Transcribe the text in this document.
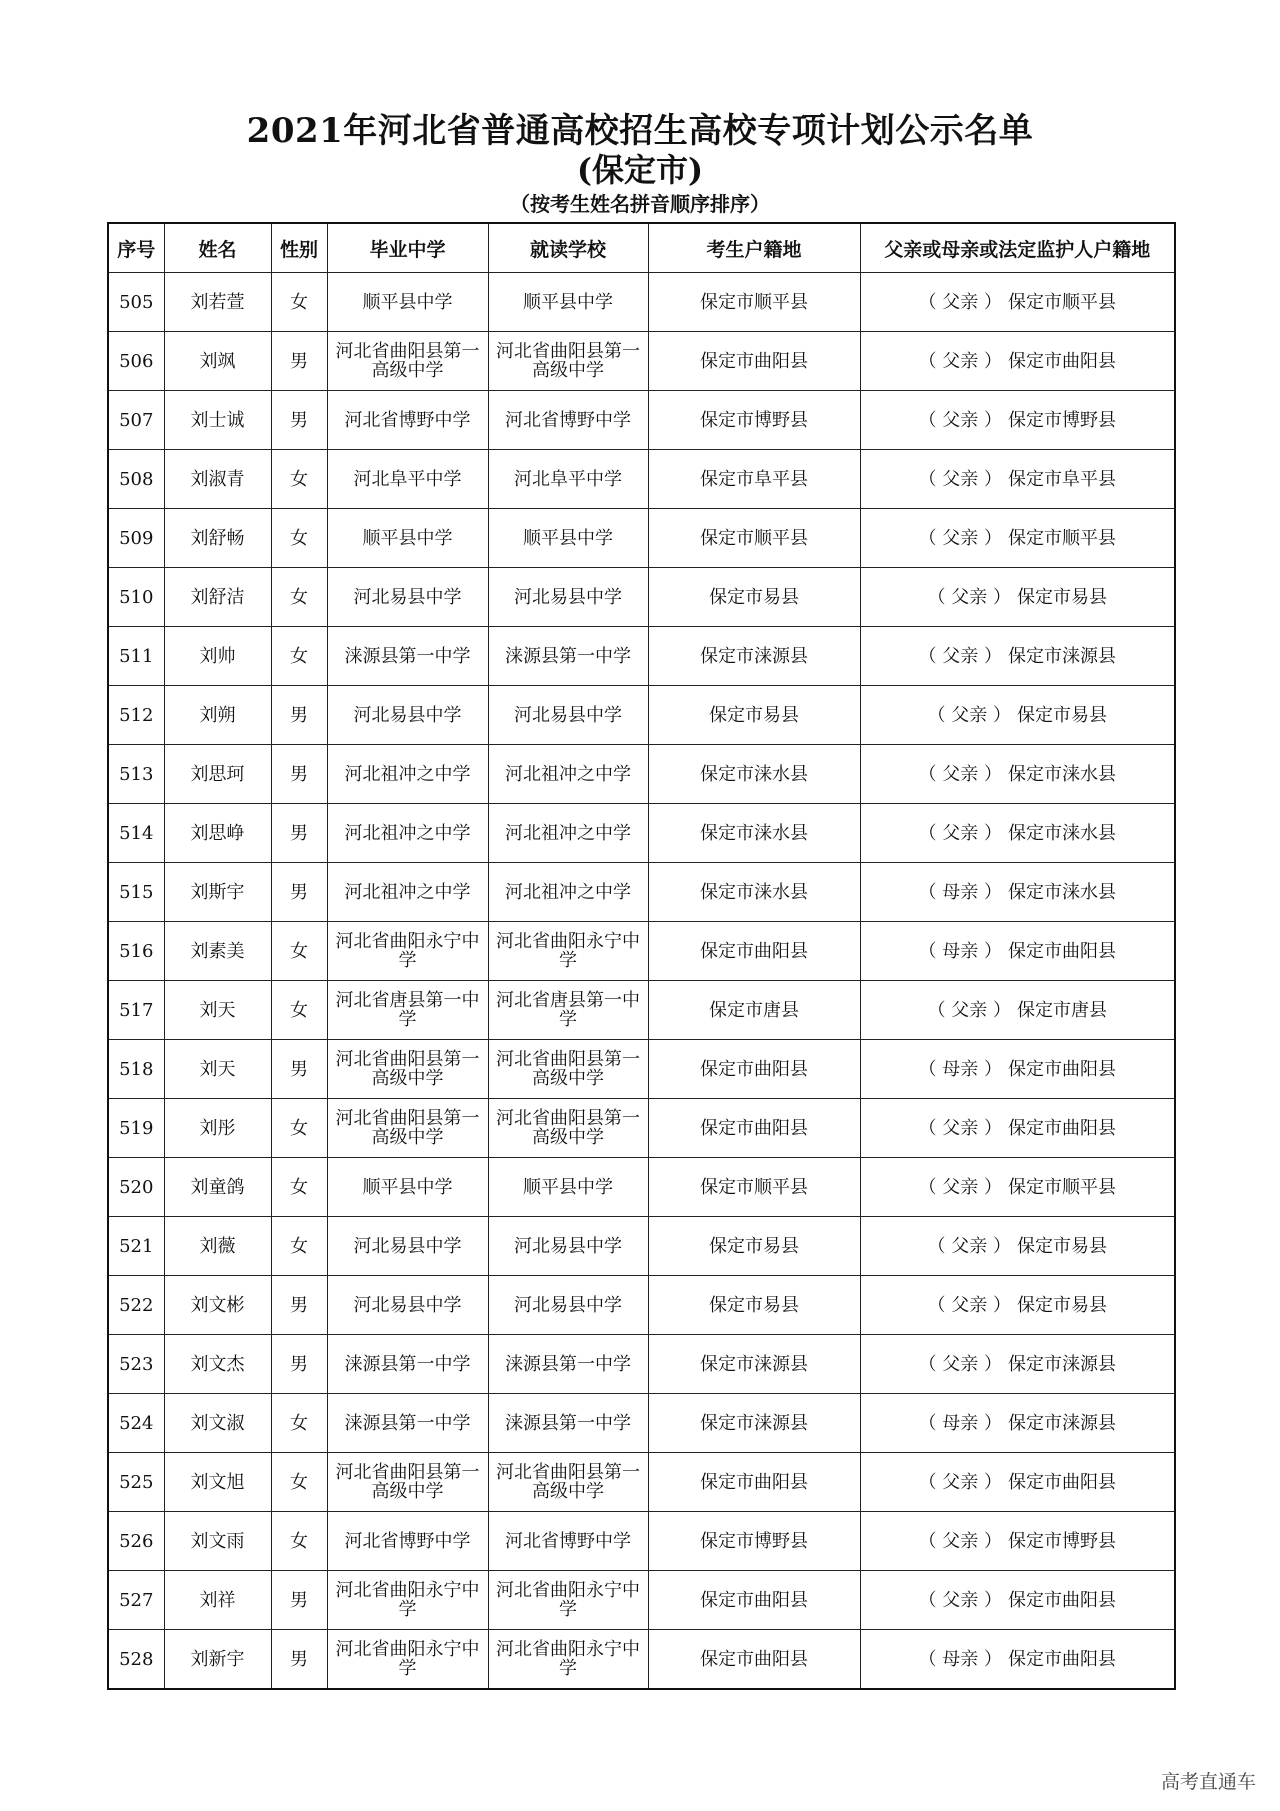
2021年河北省普通高校招生高校专项计划公示名单
(保定市)
（按考生姓名拼音顺序排序）
序号	姓名	性别	毕业中学	就读学校	考生户籍地	父亲或母亲或法定监护人户籍地
505	刘若萱	女	顺平县中学	顺平县中学	保定市顺平县	（ 父亲 ） 保定市顺平县
506	刘飒	男	河北省曲阳县第一高级中学	河北省曲阳县第一高级中学	保定市曲阳县	（ 父亲 ） 保定市曲阳县
507	刘士诚	男	河北省博野中学	河北省博野中学	保定市博野县	（ 父亲 ） 保定市博野县
508	刘淑青	女	河北阜平中学	河北阜平中学	保定市阜平县	（ 父亲 ） 保定市阜平县
509	刘舒畅	女	顺平县中学	顺平县中学	保定市顺平县	（ 父亲 ） 保定市顺平县
510	刘舒洁	女	河北易县中学	河北易县中学	保定市易县	（ 父亲 ） 保定市易县
511	刘帅	女	涞源县第一中学	涞源县第一中学	保定市涞源县	（ 父亲 ） 保定市涞源县
512	刘朔	男	河北易县中学	河北易县中学	保定市易县	（ 父亲 ） 保定市易县
513	刘思珂	男	河北祖冲之中学	河北祖冲之中学	保定市涞水县	（ 父亲 ） 保定市涞水县
514	刘思峥	男	河北祖冲之中学	河北祖冲之中学	保定市涞水县	（ 父亲 ） 保定市涞水县
515	刘斯宇	男	河北祖冲之中学	河北祖冲之中学	保定市涞水县	（ 母亲 ） 保定市涞水县
516	刘素美	女	河北省曲阳永宁中学	河北省曲阳永宁中学	保定市曲阳县	（ 母亲 ） 保定市曲阳县
517	刘天	女	河北省唐县第一中学	河北省唐县第一中学	保定市唐县	（ 父亲 ） 保定市唐县
518	刘天	男	河北省曲阳县第一高级中学	河北省曲阳县第一高级中学	保定市曲阳县	（ 母亲 ） 保定市曲阳县
519	刘彤	女	河北省曲阳县第一高级中学	河北省曲阳县第一高级中学	保定市曲阳县	（ 父亲 ） 保定市曲阳县
520	刘童鸽	女	顺平县中学	顺平县中学	保定市顺平县	（ 父亲 ） 保定市顺平县
521	刘薇	女	河北易县中学	河北易县中学	保定市易县	（ 父亲 ） 保定市易县
522	刘文彬	男	河北易县中学	河北易县中学	保定市易县	（ 父亲 ） 保定市易县
523	刘文杰	男	涞源县第一中学	涞源县第一中学	保定市涞源县	（ 父亲 ） 保定市涞源县
524	刘文淑	女	涞源县第一中学	涞源县第一中学	保定市涞源县	（ 母亲 ） 保定市涞源县
525	刘文旭	女	河北省曲阳县第一高级中学	河北省曲阳县第一高级中学	保定市曲阳县	（ 父亲 ） 保定市曲阳县
526	刘文雨	女	河北省博野中学	河北省博野中学	保定市博野县	（ 父亲 ） 保定市博野县
527	刘祥	男	河北省曲阳永宁中学	河北省曲阳永宁中学	保定市曲阳县	（ 父亲 ） 保定市曲阳县
528	刘新宇	男	河北省曲阳永宁中学	河北省曲阳永宁中学	保定市曲阳县	（ 母亲 ） 保定市曲阳县
高考直通车
